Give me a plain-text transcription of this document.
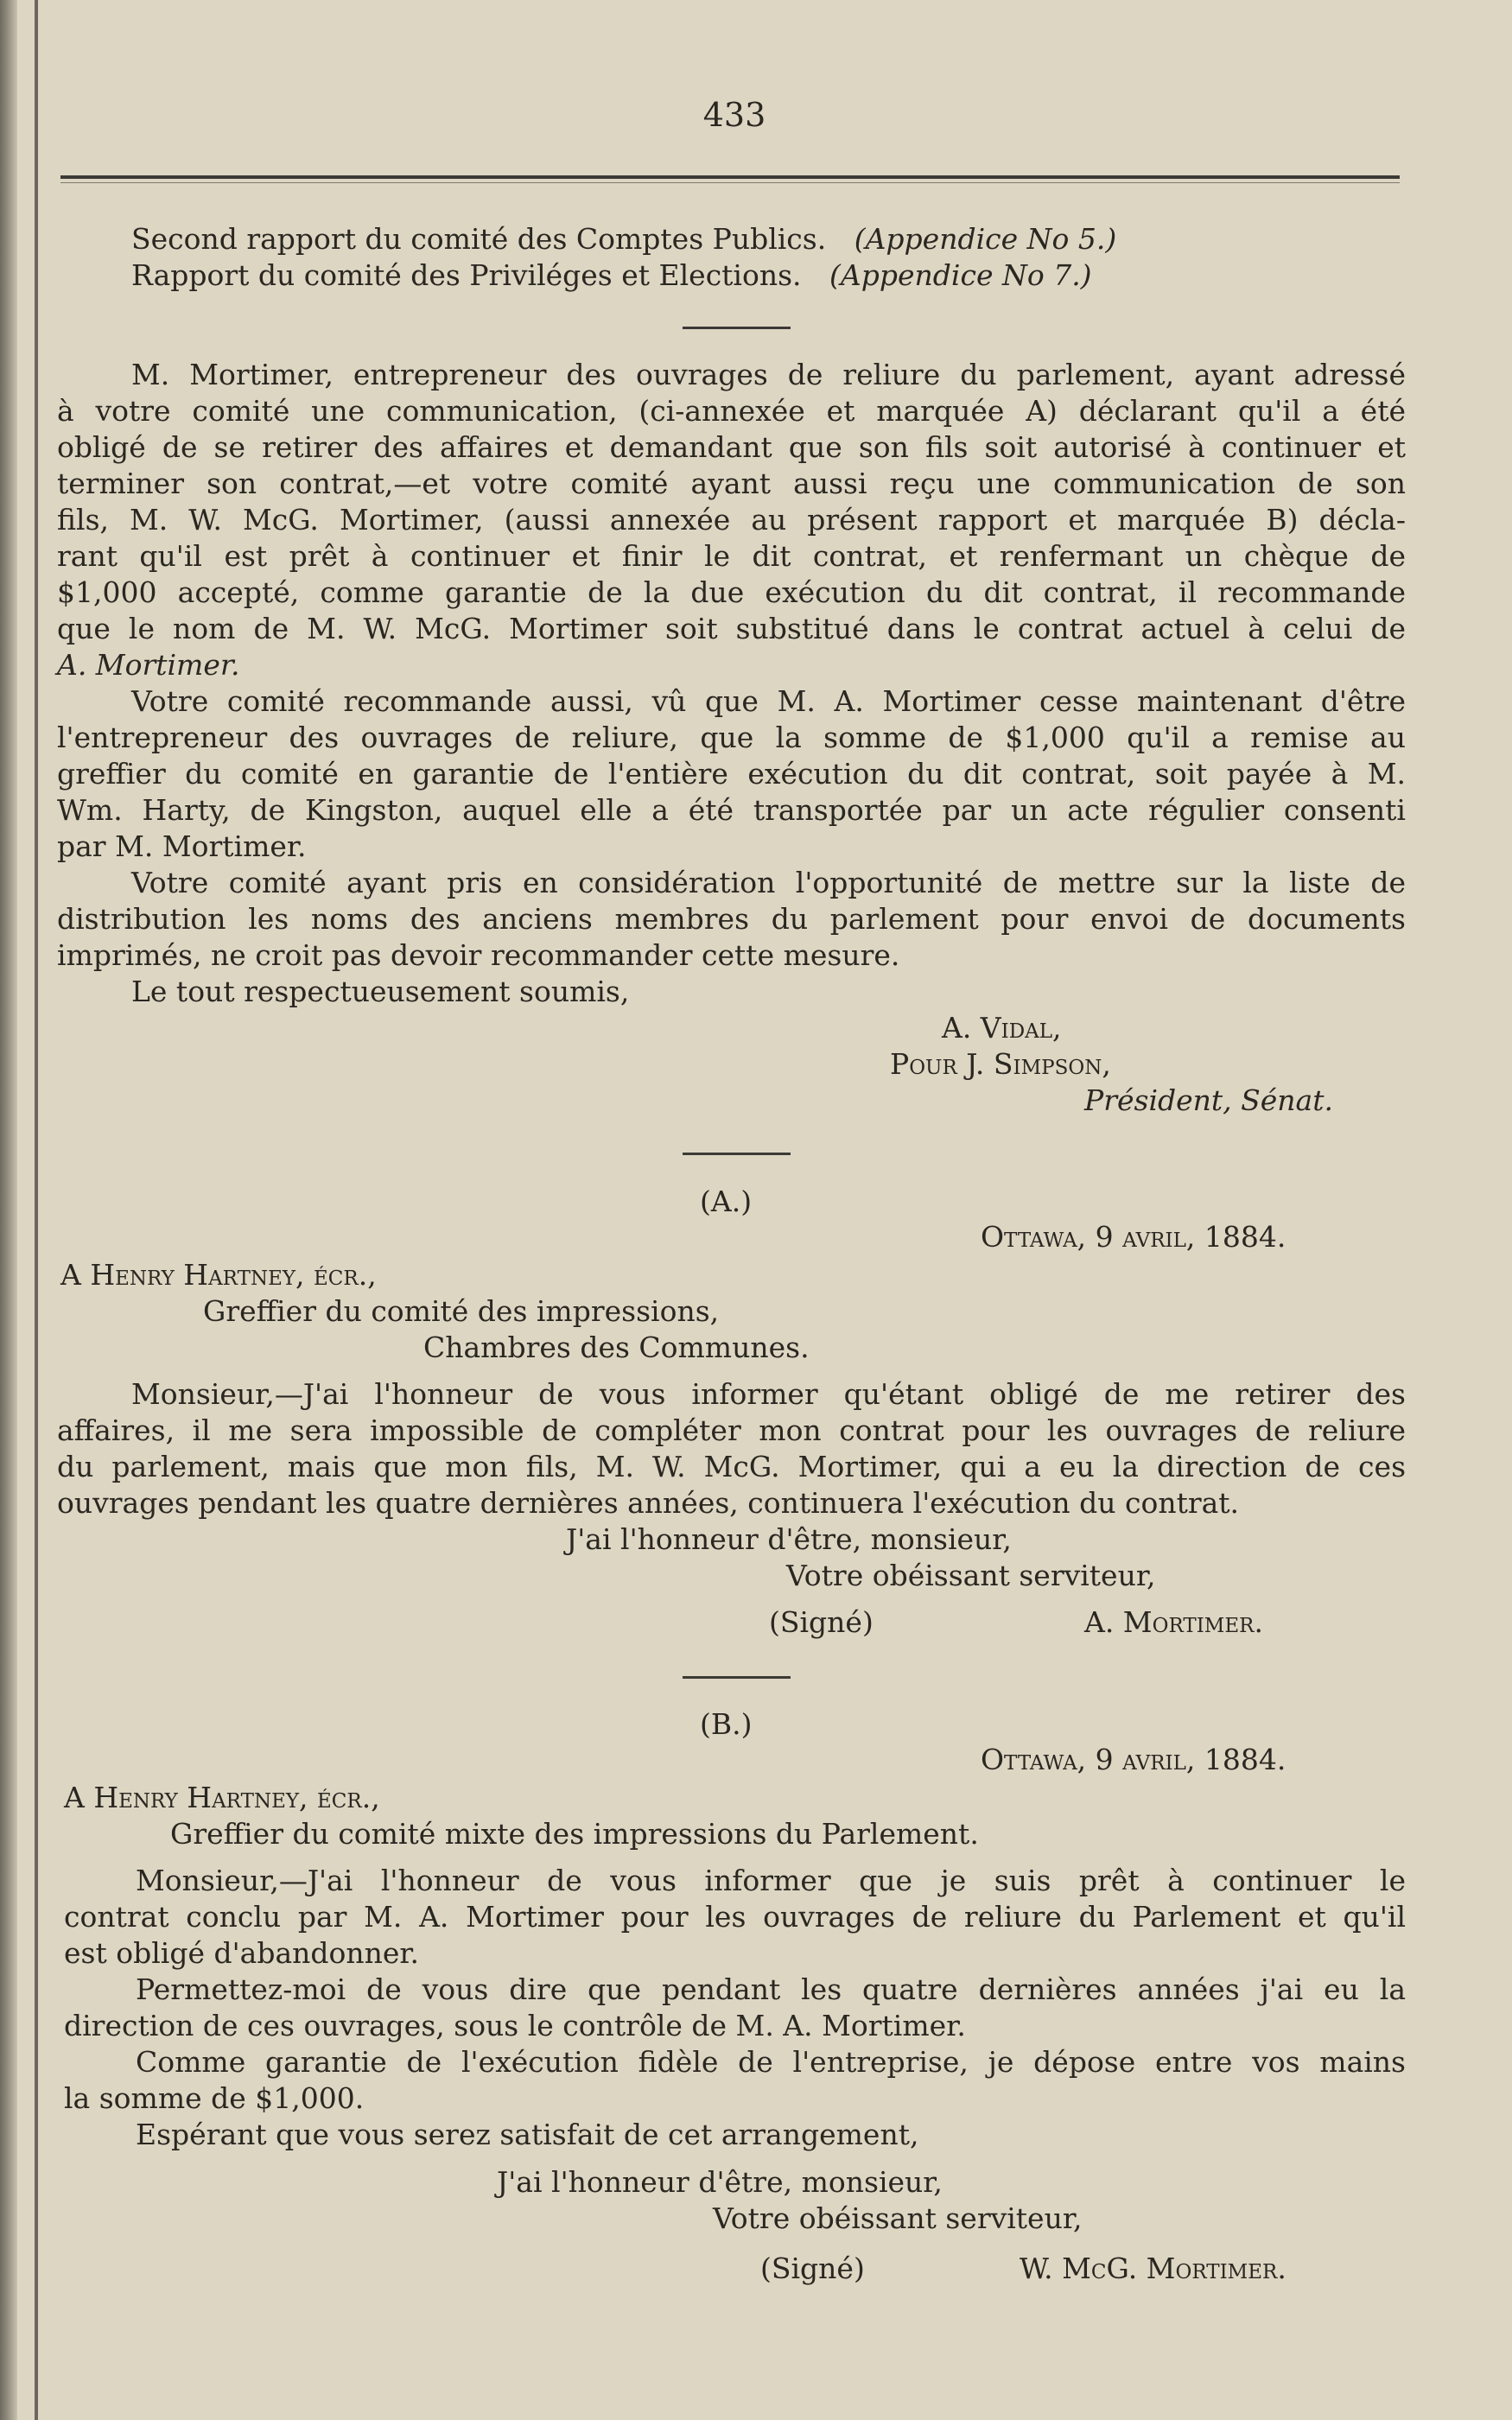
433
Second rapport du comité des Comptes Publics. (Appendice No 5.)
Rapport du comité des Priviléges et Elections. (Appendice No 7.)
M. Mortimer, entrepreneur des ouvrages de reliure du parlement, ayant adressé
à votre comité une communication, (ci-annexée et marquée A) déclarant qu'il a été
obligé de se retirer des affaires et demandant que son fils soit autorisé à continuer et
terminer son contrat,—et votre comité ayant aussi reçu une communication de son
fils, M. W. McG. Mortimer, (aussi annexée au présent rapport et marquée B) décla-
rant qu'il est prêt à continuer et finir le dit contrat, et renfermant un chèque de
$1,000 accepté, comme garantie de la due exécution du dit contrat, il recommande
que le nom de M. W. McG. Mortimer soit substitué dans le contrat actuel à celui de
A. Mortimer.
Votre comité recommande aussi, vû que M. A. Mortimer cesse maintenant d'être
l'entrepreneur des ouvrages de reliure, que la somme de $1,000 qu'il a remise au
greffier du comité en garantie de l'entière exécution du dit contrat, soit payée à M.
Wm. Harty, de Kingston, auquel elle a été transportée par un acte régulier consenti
par M. Mortimer.
Votre comité ayant pris en considération l'opportunité de mettre sur la liste de
distribution les noms des anciens membres du parlement pour envoi de documents
imprimés, ne croit pas devoir recommander cette mesure.
Le tout respectueusement soumis,
A. Vidal,
Pour J. Simpson,
Président, Sénat.
(A.)
Ottawa, 9 avril, 1884.
A Henry Hartney, écr.,
Greffier du comité des impressions,
Chambres des Communes.
Monsieur,—J'ai l'honneur de vous informer qu'étant obligé de me retirer des
affaires, il me sera impossible de compléter mon contrat pour les ouvrages de reliure
du parlement, mais que mon fils, M. W. McG. Mortimer, qui a eu la direction de ces
ouvrages pendant les quatre dernières années, continuera l'exécution du contrat.
J'ai l'honneur d'être, monsieur,
Votre obéissant serviteur,
(Signé)	A. Mortimer.
(B.)
Ottawa, 9 avril, 1884.
A Henry Hartney, écr.,
Greffier du comité mixte des impressions du Parlement.
Monsieur,—J'ai l'honneur de vous informer que je suis prêt à continuer le
contrat conclu par M. A. Mortimer pour les ouvrages de reliure du Parlement et qu'il
est obligé d'abandonner.
Permettez-moi de vous dire que pendant les quatre dernières années j'ai eu la
direction de ces ouvrages, sous le contrôle de M. A. Mortimer.
Comme garantie de l'exécution fidèle de l'entreprise, je dépose entre vos mains
la somme de $1,000.
Espérant que vous serez satisfait de cet arrangement,
J'ai l'honneur d'être, monsieur,
Votre obéissant serviteur,
(Signé)	W. McG. Mortimer.
